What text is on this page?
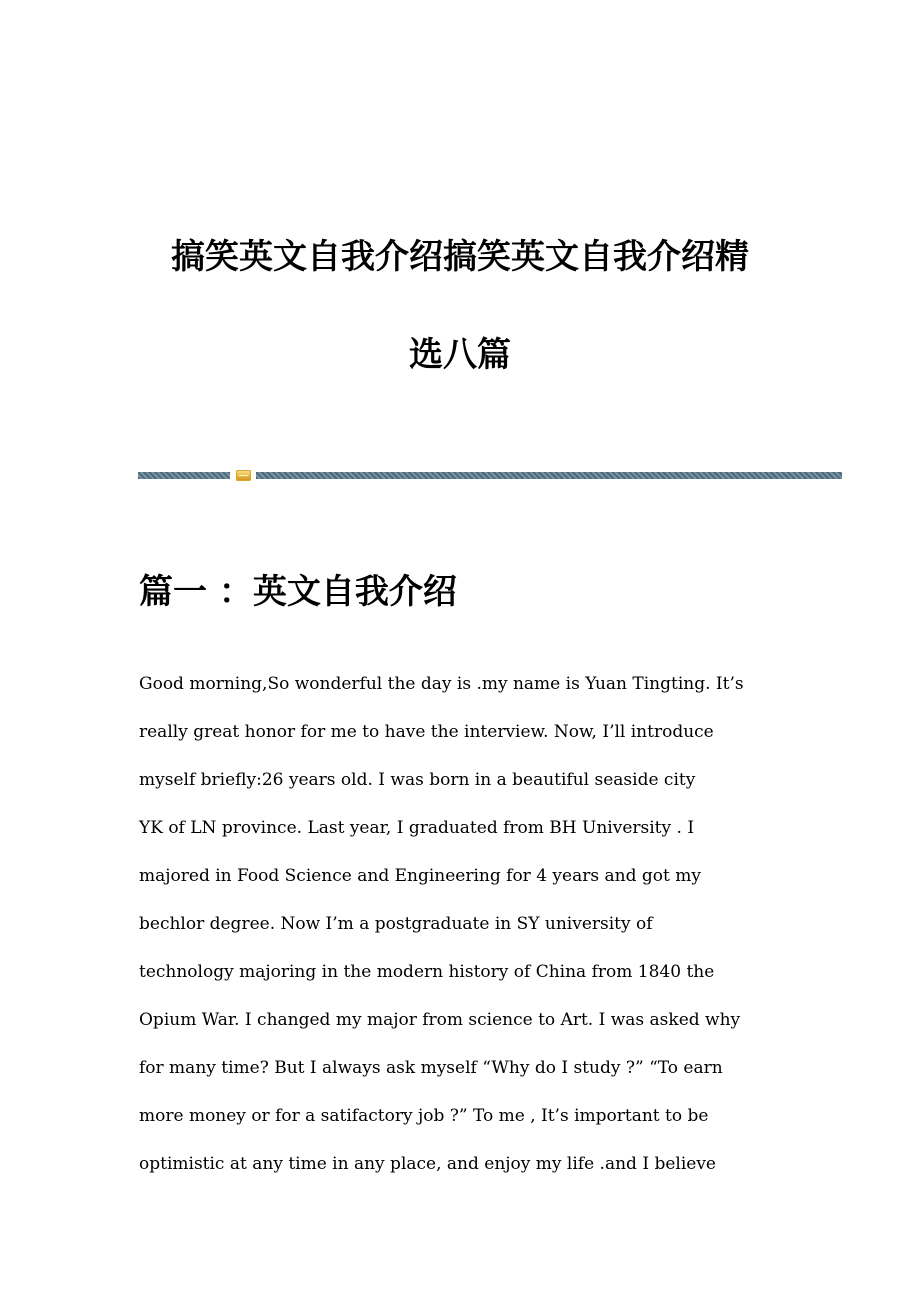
搞笑英文自我介绍搞笑英文自我介绍精
选八篇
篇一 ：英文自我介绍
Good morning,So wonderful the day is .my name is Yuan Tingting. It’s
really great honor for me to have the interview. Now, I’ll introduce
myself briefly:26 years old. I was born in a beautiful seaside city
YK of LN province. Last year, I graduated from BH University . I
majored in Food Science and Engineering for 4 years and got my
bechlor degree. Now I’m a postgraduate in SY university of
technology majoring in the modern history of China from 1840 the
Opium War. I changed my major from science to Art. I was asked why
for many time? But I always ask myself “Why do I study ?” “To earn
more money or for a satifactory job ?” To me , It’s important to be
optimistic at any time in any place, and enjoy my life .and I believe
